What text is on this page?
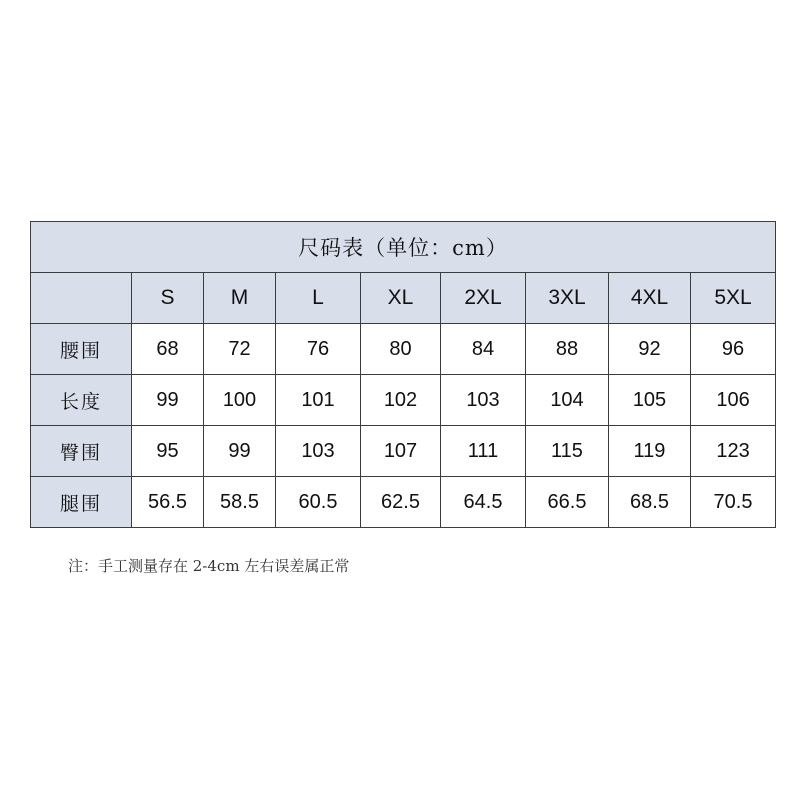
尺码表（单位：cm）								
	S	M	L	XL	2XL	3XL	4XL	5XL
腰围	68	72	76	80	84	88	92	96
长度	99	100	101	102	103	104	105	106
臀围	95	99	103	107	111	115	119	123
腿围	56.5	58.5	60.5	62.5	64.5	66.5	68.5	70.5
注：手工测量存在 2-4cm 左右误差属正常
